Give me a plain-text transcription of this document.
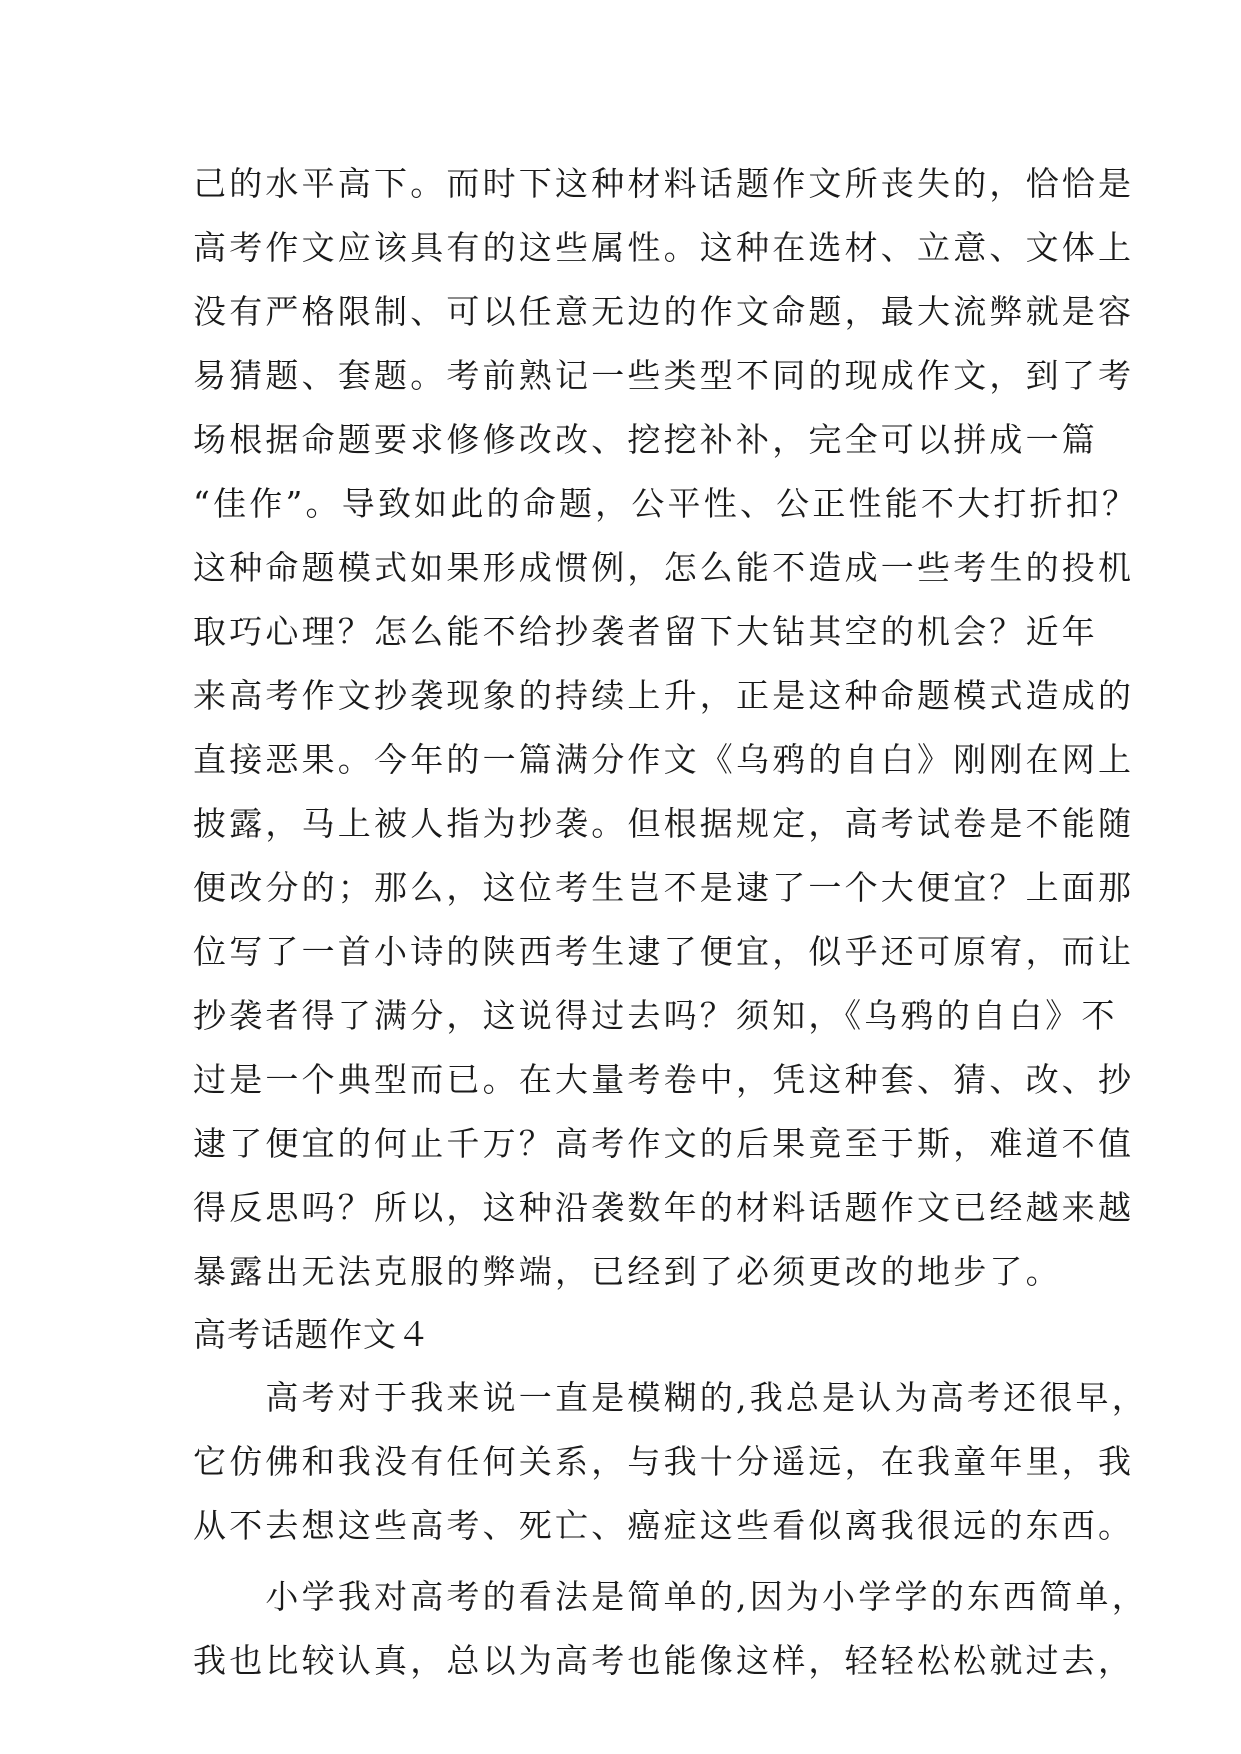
己的水平高下。而时下这种材料话题作文所丧失的，恰恰是
高考作文应该具有的这些属性。这种在选材、立意、文体上
没有严格限制、可以任意无边的作文命题，最大流弊就是容
易猜题、套题。考前熟记一些类型不同的现成作文，到了考
场根据命题要求修修改改、挖挖补补，完全可以拼成一篇
“佳作”。导致如此的命题，公平性、公正性能不大打折扣？
这种命题模式如果形成惯例，怎么能不造成一些考生的投机
取巧心理？怎么能不给抄袭者留下大钻其空的机会？近年
来高考作文抄袭现象的持续上升，正是这种命题模式造成的
直接恶果。今年的一篇满分作文《乌鸦的自白》刚刚在网上
披露，马上被人指为抄袭。但根据规定，高考试卷是不能随
便改分的；那么，这位考生岂不是逮了一个大便宜？上面那
位写了一首小诗的陕西考生逮了便宜，似乎还可原宥，而让
抄袭者得了满分，这说得过去吗？须知，《乌鸦的自白》不
过是一个典型而已。在大量考卷中，凭这种套、猜、改、抄
逮了便宜的何止千万？高考作文的后果竟至于斯，难道不值
得反思吗？所以，这种沿袭数年的材料话题作文已经越来越
暴露出无法克服的弊端，已经到了必须更改的地步了。
高考话题作文４
　　高考对于我来说一直是模糊的,我总是认为高考还很早，
它仿佛和我没有任何关系，与我十分遥远，在我童年里，我
从不去想这些高考、死亡、癌症这些看似离我很远的东西。
　　小学我对高考的看法是简单的,因为小学学的东西简单，
我也比较认真，总以为高考也能像这样，轻轻松松就过去，
